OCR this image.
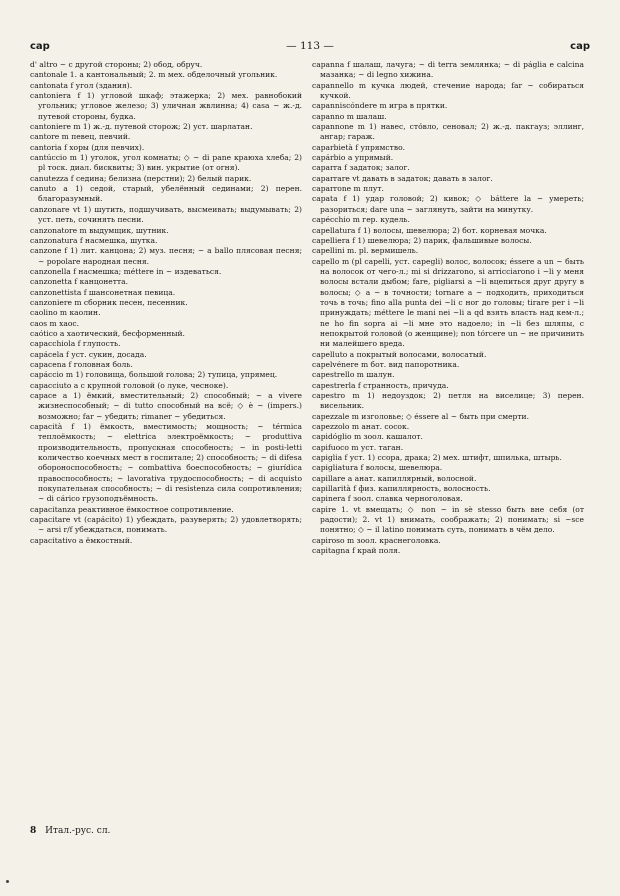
cap	— 113 —	cap

d' altro ~ с другой стороны; 2) обод, обруч.

cantonale 1. а кантональный; 2. m мех. обделочный угольник.

cantonata f угол (здания).

cantoniera f 1) угловой шкаф; этажерка; 2) мех. равнобокий угольник; угловое железо; 3) уличная жвлинна; 4) casa ~ ж.-д. путевой стороны, будка.

cantoniere m 1) ж.-д. путевой сторож; 2) уст. шарлатан.

cantore m певец, певчий.

cantoria f хоры (для певчих).

cantúccio m 1) уголок, угол комнаты; ◇ ~ di pane краюха хлеба; 2) pl тоск. диал. бисквиты; 3) вин. укрытие (от огня).

canutezza f седина; белизна (перстни); 2) белый парик.

canuto a 1) седой, старый, убелённый сединами; 2) перен. благоразумный.

canzonare vt 1) шутить, подшучивать, высмеивать; выдумывать; 2) уст. петь, сочинять песни.

canzonatore m выдумщик, шутник.

canzonatura f насмешка, шутка.

canzone f 1) лит. канцона; 2) муз. песня; ~ a ballo плясовая песня; ~ popolare народная песня.

canzonella f насмешка; méttere in ~ издеваться.

canzonetta f канцонетта.

canzonettista f шансонетная певица.

canzoniere m сборник песен, песенник.

caolino m каолин.

caos m хаос.

caótico a хаотический, бесформенный.

capacchiola f глупость.

capácela f уст. сукин, досада.

capacena f головная боль.

capáccio m 1) головища, большой голова; 2) тупица, упрямец.

capacciuto a с крупной головой (о луке, чесноке).

capace a 1) ёмкий, вместительный; 2) способный; ~ a vivere жизнеспособный; ~ di tutto способный на всё; ◇ è ~ (impers.) возможно; far ~ убедить; rimaner ~ убедиться.

capacità f 1) ёмкость, вместимость; мощность; ~ térmica теплоёмкость; ~ elettrica электроёмкость; ~ produttiva производительность, пропускная способность; ~ in posti-letti количество коечных мест в госпитале; 2) способность; ~ di difesa обороноспособность; ~ combattiva боеспособность; ~ giurídica правоспособность; ~ lavorativa трудоспособность; ~ di acquisto покупательная способность; ~ di resistenza сила сопротивления; ~ di cárico грузоподъёмность.

capacitanza реактивное ёмкостное сопротивление.

capacitare vt (capácito) 1) убеждать, разуверять; 2) удовлетворять; ~ arsi r/f убеждаться, понимать.

capacitativo a ёмкостный.

capanna f шалаш, лачуга; ~ di terra землянка; ~ di páglia e calcina мазанка; ~ di legno хижина.

capannello m кучка людей, стечение народа; far ~ собираться кучкой.

capanniscóndere m игра в прятки.

capanno m шалаш.

capannone m 1) навес, сто́вло, сеновал; 2) ж.-д. пакгауз; эллинг, ангар; гараж.

caparbietà f упрямство.

capárbio a упрямый.

caparra f задаток; залог.

caparrare vt давать в задаток; давать в залог.

caparrone m плут.

capata f 1) удар головой; 2) кивок; ◇ báttere la ~ умереть; разориться; dare una ~ заглянуть, зайти на минутку.

capécchio m гер. кудель.

capellatura f 1) волосы, шевелюра; 2) бот. корневая мочка.

capelliera f 1) шевелюра; 2) парик, фальшивые волосы.

capellini m. pl. вермишель.

capello m (pl capelli, уст. capegli) волос, волосок; éssere a un ~ быть на волосок от чего-л.; mi si drizzarono, si arricciarono i ~li у меня волосы встали дыбом; fare, pigliarsi a ~li вцепиться друг другу в волосы; ◇ a ~ в точности; tornare a ~ подходить, приходиться точь в точь; fino alla punta dei ~li с ног до головы; tirare per i ~li принуждать; méttere le mani nei ~li a qd взять власть над кем-л.; ne ho fin sopra ai ~li мне это надоело; in ~li без шляпы, с непокрытой головой (о женщине); non tórcere un ~ не причинить ни малейшего вреда.

capelluto a покрытый волосами, волосатый.

capelvénere m бот. вид папоротника.

capestrello m шалун.

capestrerla f странность, причуда.

capestro m 1) недоуздок; 2) петля на виселице; 3) перен. висельник.

capezzale m изголовье; ◇ éssere al ~ быть при смерти.

capezzolo m анат. сосок.

capidóglio m зоол. кашалот.

capifuoco m уст. таган.

capiglia f уст. 1) ссора, драка; 2) мех. штифт, шпилька, штырь.

capigliatura f волосы, шевелюра.

capillare a анат. капиллярный, волосной.

capillarità f физ. капиллярность, волосность.

capinera f зоол. славка черноголовая.

capire 1. vt вмещать; ◇ non ~ in sè stesso быть вне себя (от радости); 2. vt 1) внимать, соображать; 2) понимать; si ~sce понятно; ◇ ~ il latino понимать суть, понимать в чём дело.

capiroso m зоол. краснеголовка.

capitagna f край поля.

8 Итал.-рус. сл.
